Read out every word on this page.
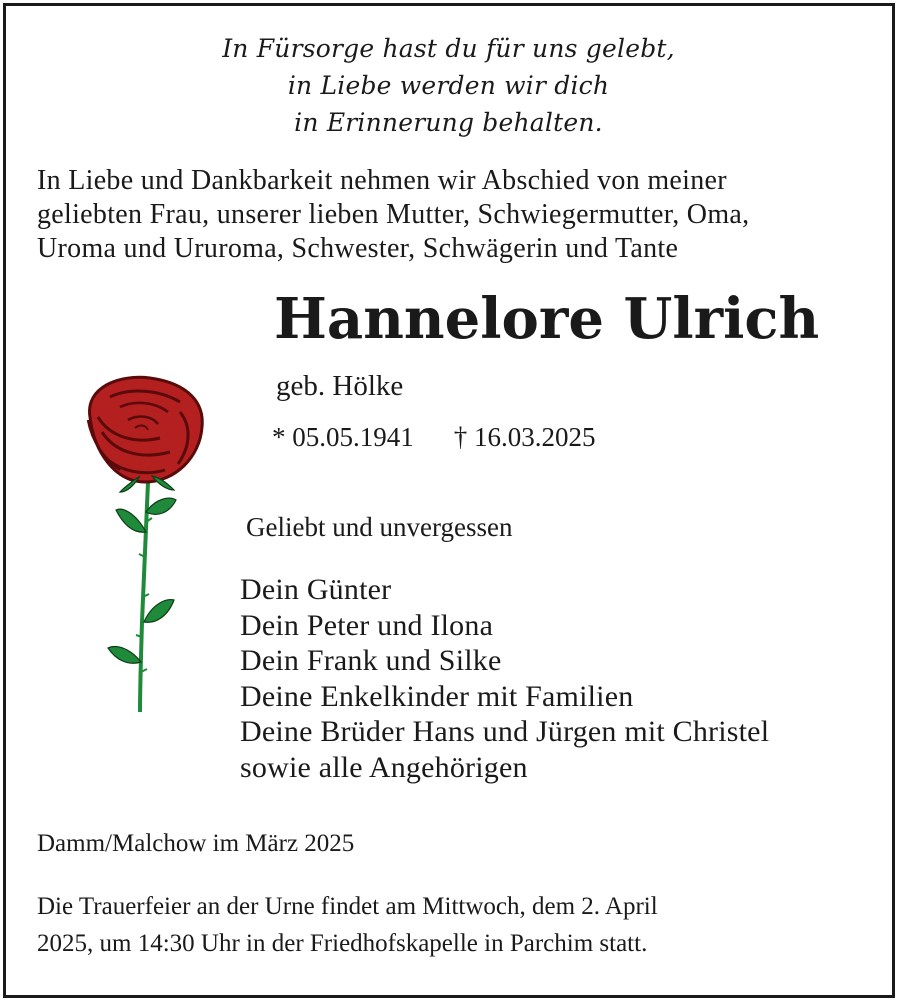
In Fürsorge hast du für uns gelebt,
in Liebe werden wir dich
in Erinnerung behalten.
In Liebe und Dankbarkeit nehmen wir Abschied von meiner
geliebten Frau, unserer lieben Mutter, Schwiegermutter, Oma,
Uroma und Ururoma, Schwester, Schwägerin und Tante
Hannelore Ulrich
geb. Hölke
* 05.05.1941 † 16.03.2025
Geliebt und unvergessen
Dein Günter
Dein Peter und Ilona
Dein Frank und Silke
Deine Enkelkinder mit Familien
Deine Brüder Hans und Jürgen mit Christel
sowie alle Angehörigen
Damm/Malchow im März 2025
Die Trauerfeier an der Urne findet am Mittwoch, dem 2. April
2025, um 14:30 Uhr in der Friedhofskapelle in Parchim statt.
